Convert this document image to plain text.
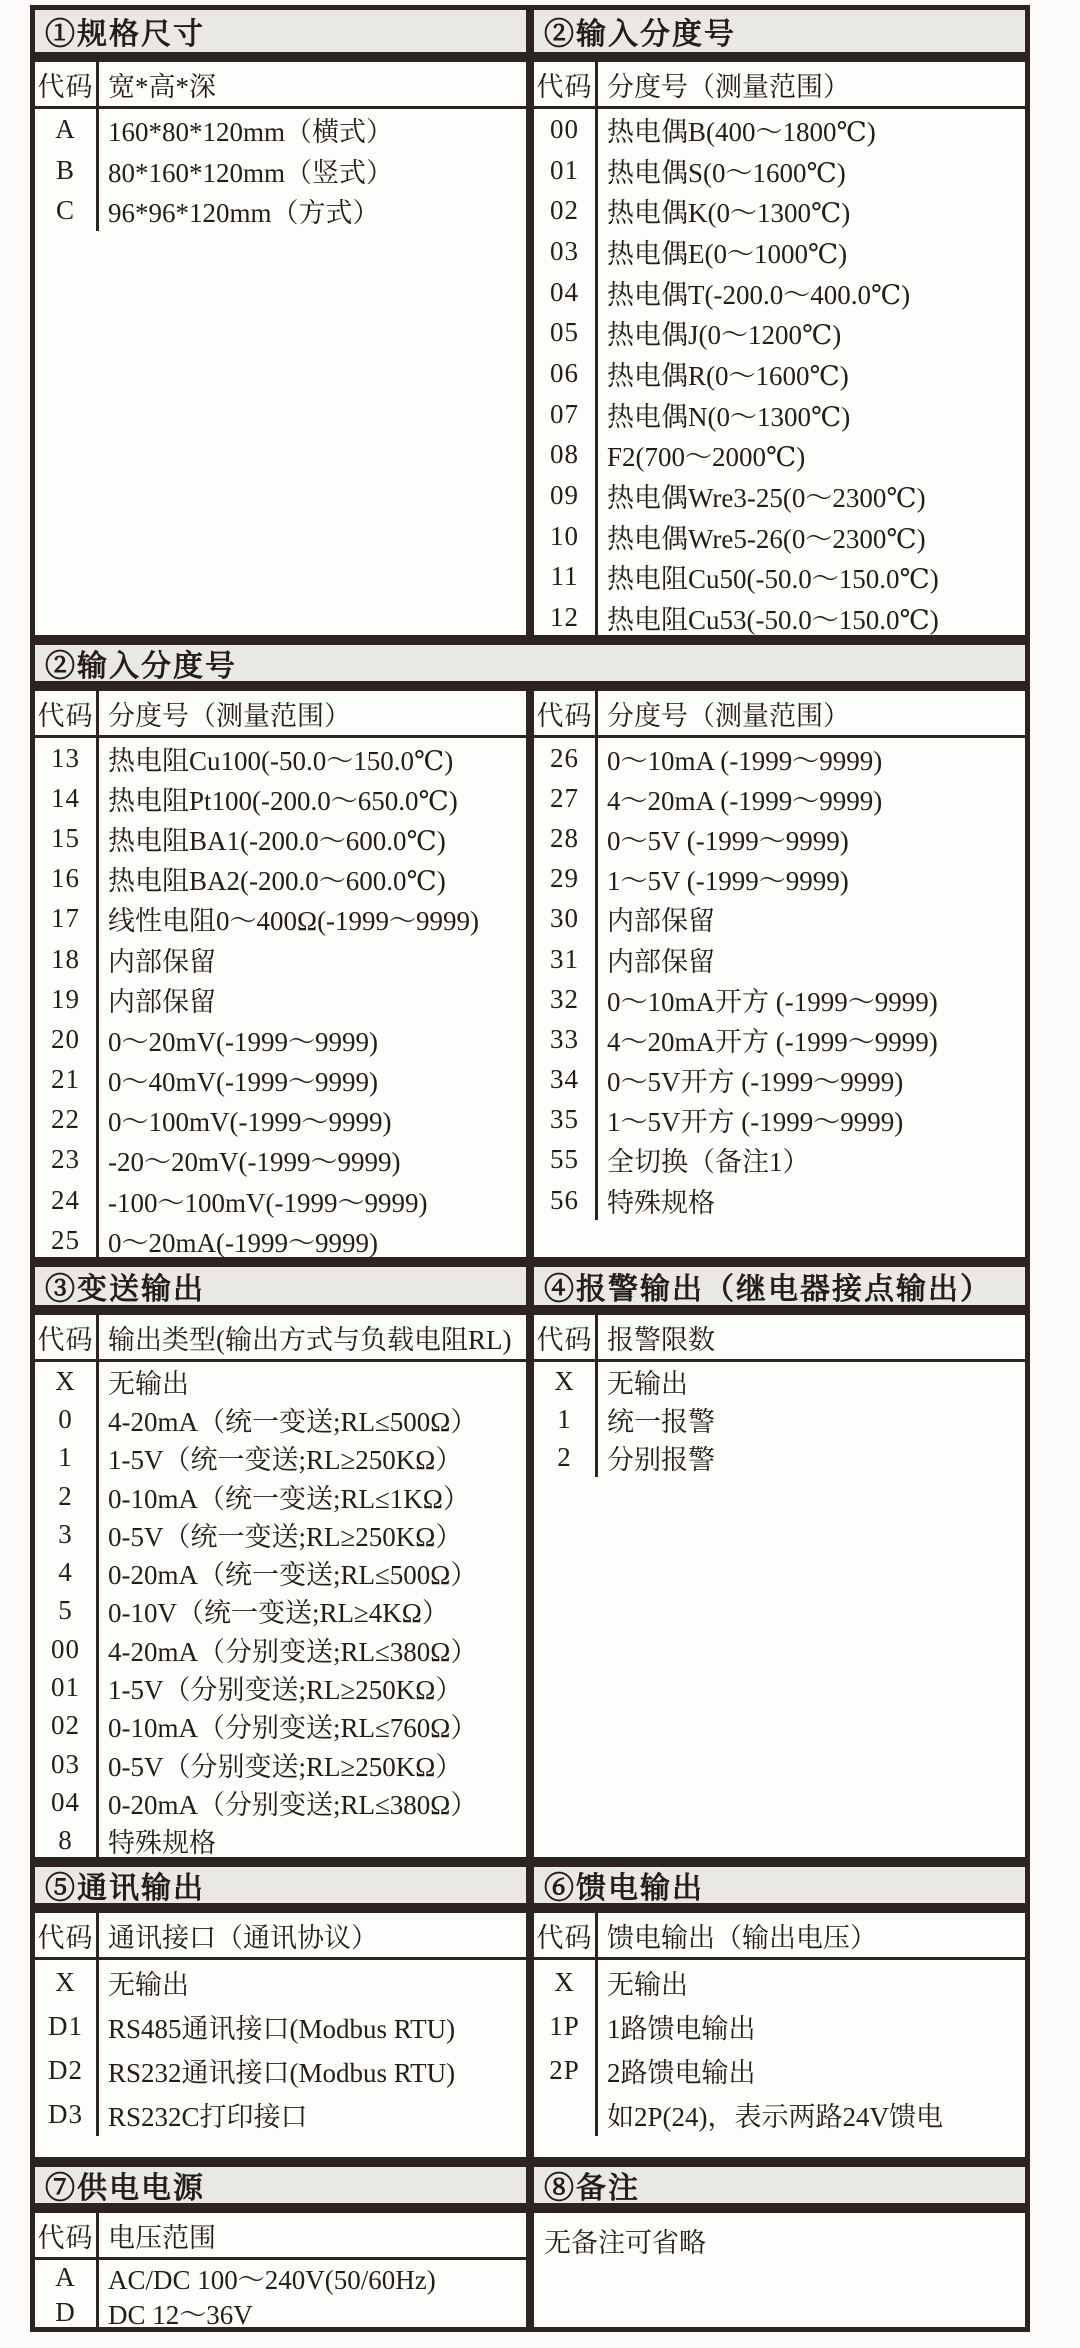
①规格尺寸
代码 宽*高*深
A	160*80*120mm（横式）
B	80*160*120mm（竖式）
C	96*96*120mm（方式）
②输入分度号
代码 分度号（测量范围）
00	热电偶B(400～1800℃)
01	热电偶S(0～1600℃)
02	热电偶K(0～1300℃)
03	热电偶E(0～1000℃)
04	热电偶T(-200.0～400.0℃)
05	热电偶J(0～1200℃)
06	热电偶R(0～1600℃)
07	热电偶N(0～1300℃)
08	F2(700～2000℃)
09	热电偶Wre3-25(0～2300℃)
10	热电偶Wre5-26(0～2300℃)
11	热电阻Cu50(-50.0～150.0℃)
12	热电阻Cu53(-50.0～150.0℃)
②输入分度号
代码 分度号（测量范围）
13	热电阻Cu100(-50.0～150.0℃)
14	热电阻Pt100(-200.0～650.0℃)
15	热电阻BA1(-200.0～600.0℃)
16	热电阻BA2(-200.0～600.0℃)
17	线性电阻0～400Ω(-1999～9999)
18	内部保留
19	内部保留
20	0～20mV(-1999～9999)
21	0～40mV(-1999～9999)
22	0～100mV(-1999～9999)
23	-20～20mV(-1999～9999)
24	-100～100mV(-1999～9999)
25	0～20mA(-1999～9999)
代码 分度号（测量范围）
26	0～10mA (-1999～9999)
27	4～20mA (-1999～9999)
28	0～5V (-1999～9999)
29	1～5V (-1999～9999)
30	内部保留
31	内部保留
32	0～10mA开方 (-1999～9999)
33	4～20mA开方 (-1999～9999)
34	0～5V开方 (-1999～9999)
35	1～5V开方 (-1999～9999)
55	全切换（备注1）
56	特殊规格
③变送输出
代码 输出类型(输出方式与负载电阻RL)
X	无输出
0	4-20mA（统一变送;RL≤500Ω）
1	1-5V（统一变送;RL≥250KΩ）
2	0-10mA（统一变送;RL≤1KΩ）
3	0-5V（统一变送;RL≥250KΩ）
4	0-20mA（统一变送;RL≤500Ω）
5	0-10V（统一变送;RL≥4KΩ）
00	4-20mA（分别变送;RL≤380Ω）
01	1-5V（分别变送;RL≥250KΩ）
02	0-10mA（分别变送;RL≤760Ω）
03	0-5V（分别变送;RL≥250KΩ）
04	0-20mA（分别变送;RL≤380Ω）
8	特殊规格
④报警输出（继电器接点输出）
代码 报警限数
X	无输出
1	统一报警
2	分别报警
⑤通讯输出
代码 通讯接口（通讯协议）
X	无输出
D1 RS485通讯接口(Modbus RTU)
D2 RS232通讯接口(Modbus RTU)
D3 RS232C打印接口
⑥馈电输出
代码 馈电输出（输出电压）
X	无输出
1P	1路馈电输出
2P	2路馈电输出
如2P(24)，表示两路24V馈电
⑦供电电源
代码 电压范围
A	AC/DC 100～240V(50/60Hz)
D	DC 12～36V
⑧备注
无备注可省略
